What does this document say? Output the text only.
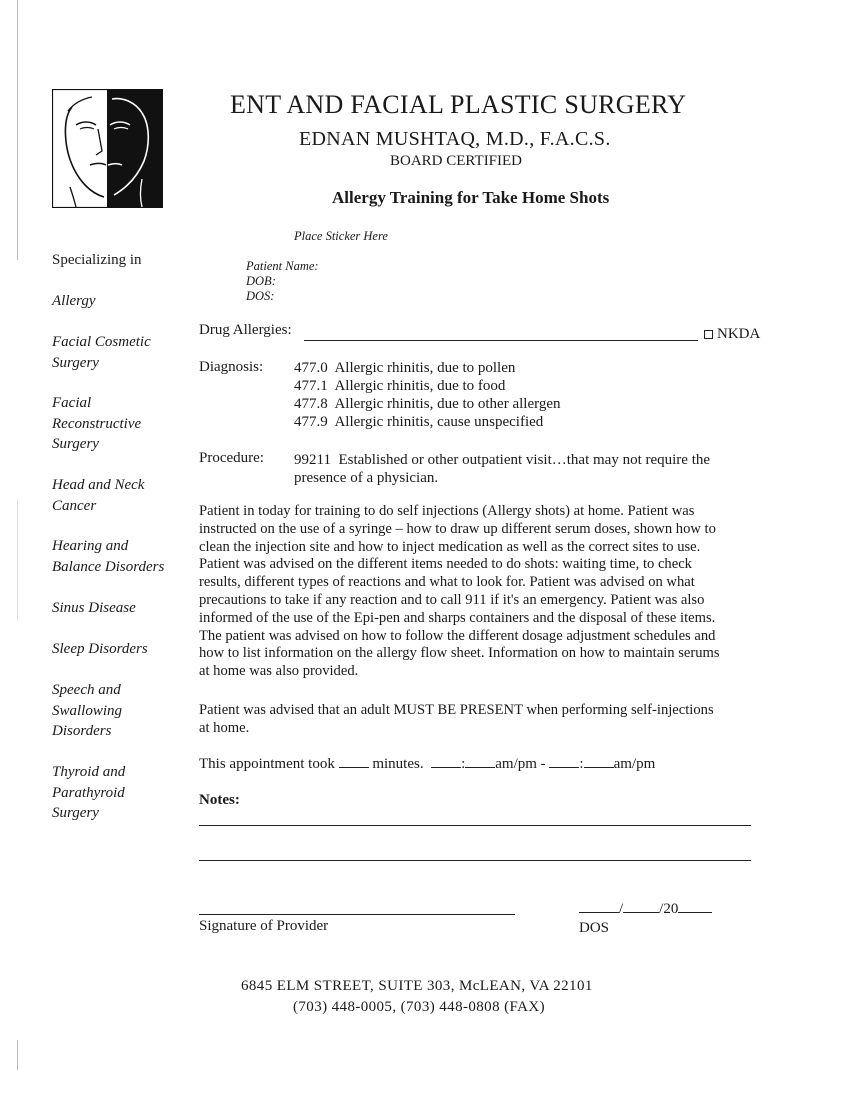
ENT AND FACIAL PLASTIC SURGERY
EDNAN MUSHTAQ, M.D., F.A.C.S.
BOARD CERTIFIED
Allergy Training for Take Home Shots
Place Sticker Here
Patient Name:
DOB:
DOS:
Specializing in
Allergy
Facial Cosmetic
Surgery
Facial
Reconstructive
Surgery
Head and Neck
Cancer
Hearing and
Balance Disorders
Sinus Disease
Sleep Disorders
Speech and
Swallowing
Disorders
Thyroid and
Parathyroid
Surgery
Drug Allergies:	NKDA
Diagnosis: 477.0 Allergic rhinitis, due to pollen
477.1 Allergic rhinitis, due to food
477.8 Allergic rhinitis, due to other allergen
477.9 Allergic rhinitis, cause unspecified
Procedure: 99211 Established or other outpatient visit…that may not require the
presence of a physician.
Patient in today for training to do self injections (Allergy shots) at home. Patient was
instructed on the use of a syringe – how to draw up different serum doses, shown how to
clean the injection site and how to inject medication as well as the correct sites to use.
Patient was advised on the different items needed to do shots: waiting time, to check
results, different types of reactions and what to look for. Patient was advised on what
precautions to take if any reaction and to call 911 if it's an emergency. Patient was also
informed of the use of the Epi-pen and sharps containers and the disposal of these items.
The patient was advised on how to follow the different dosage adjustment schedules and
how to list information on the allergy flow sheet. Information on how to maintain serums
at home was also provided.
Patient was advised that an adult MUST BE PRESENT when performing self-injections
at home.
This appointment took	minutes.	: am/pm - : am/pm
Notes:
Signature of Provider
/ /20
DOS
6845 ELM STREET, SUITE 303, McLEAN, VA 22101
(703) 448-0005, (703) 448-0808 (FAX)
